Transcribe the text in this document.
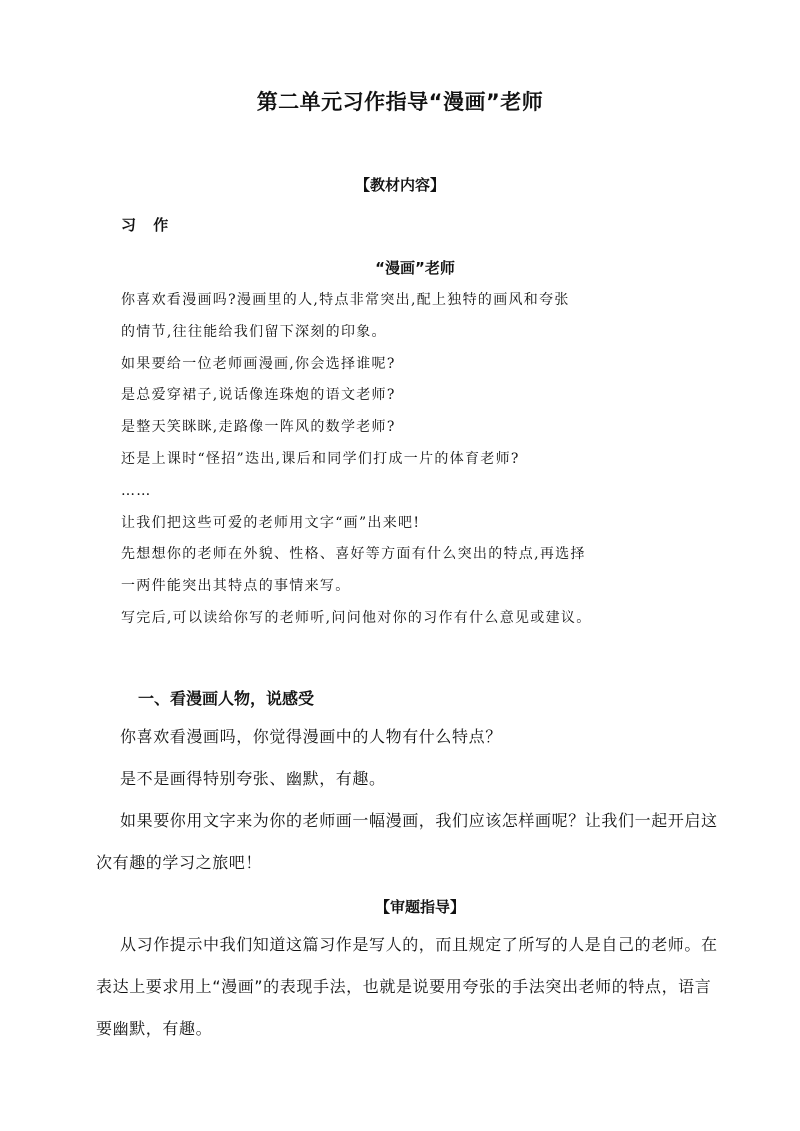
第二单元习作指导“漫画”老师
【教材内容】
习 作
“漫画”老师
你喜欢看漫画吗?漫画里的人,特点非常突出,配上独特的画风和夸张
的情节,往往能给我们留下深刻的印象。
如果要给一位老师画漫画,你会选择谁呢?
是总爱穿裙子,说话像连珠炮的语文老师?
是整天笑眯眯,走路像一阵风的数学老师?
还是上课时“怪招”迭出,课后和同学们打成一片的体育老师?
……
让我们把这些可爱的老师用文字“画”出来吧!
先想想你的老师在外貌、性格、喜好等方面有什么突出的特点,再选择
一两件能突出其特点的事情来写。
写完后,可以读给你写的老师听,问问他对你的习作有什么意见或建议。
一、看漫画人物，说感受
你喜欢看漫画吗，你觉得漫画中的人物有什么特点？
是不是画得特别夸张、幽默，有趣。
如果要你用文字来为你的老师画一幅漫画，我们应该怎样画呢？让我们一起开启这
次有趣的学习之旅吧！
【审题指导】
从习作提示中我们知道这篇习作是写人的，而且规定了所写的人是自己的老师。在
表达上要求用上“漫画”的表现手法，也就是说要用夸张的手法突出老师的特点，语言
要幽默，有趣。
